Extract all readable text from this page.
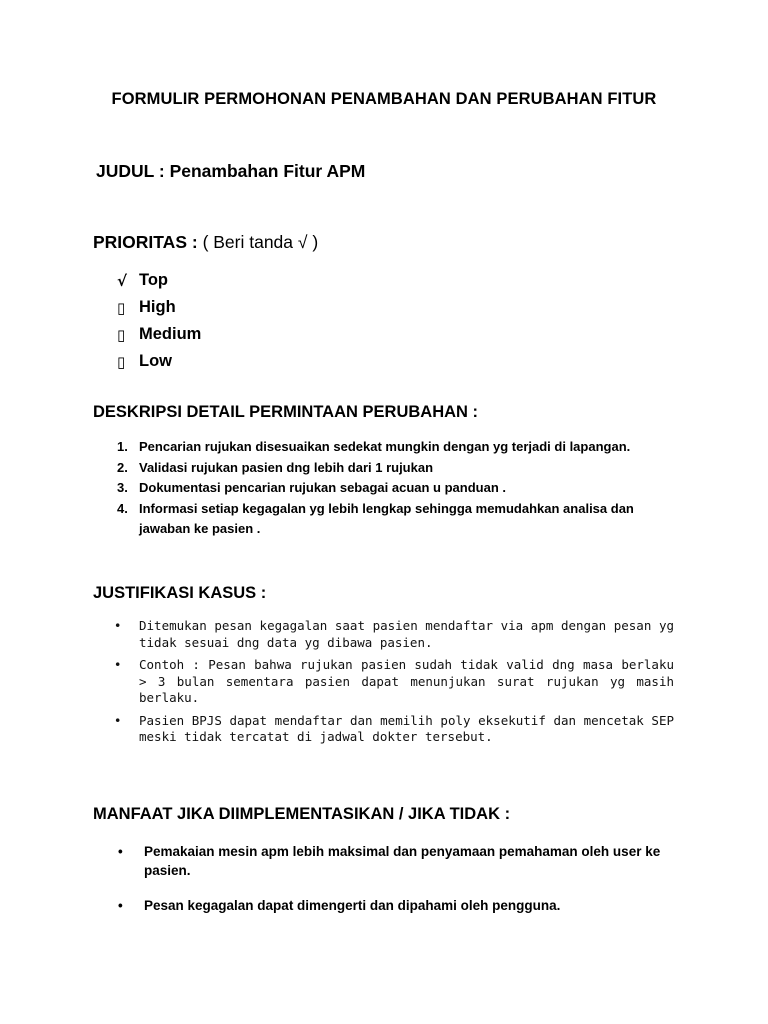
FORMULIR PERMOHONAN PENAMBAHAN DAN PERUBAHAN FITUR
JUDUL : Penambahan Fitur APM
PRIORITAS : ( Beri tanda √ )
√ Top
▯ High
▯ Medium
▯ Low
DESKRIPSI DETAIL PERMINTAAN PERUBAHAN :
1. Pencarian rujukan disesuaikan sedekat mungkin dengan yg terjadi di lapangan.
2. Validasi rujukan pasien dng lebih dari 1 rujukan
3. Dokumentasi pencarian rujukan sebagai acuan u panduan .
4. Informasi setiap kegagalan yg lebih lengkap sehingga memudahkan analisa dan jawaban ke pasien .
JUSTIFIKASI KASUS :
•	Ditemukan pesan kegagalan saat pasien mendaftar via apm dengan pesan yg tidak sesuai dng data yg dibawa pasien.
•	Contoh : Pesan bahwa rujukan pasien sudah tidak valid dng masa berlaku > 3 bulan sementara pasien dapat menunjukan surat rujukan yg masih berlaku.
•	Pasien BPJS dapat mendaftar dan memilih poly eksekutif dan mencetak SEP meski tidak tercatat di jadwal dokter tersebut.
MANFAAT JIKA DIIMPLEMENTASIKAN / JIKA TIDAK :
•	Pemakaian mesin apm lebih maksimal dan penyamaan pemahaman oleh user ke pasien.
•	Pesan kegagalan dapat dimengerti dan dipahami oleh pengguna.
